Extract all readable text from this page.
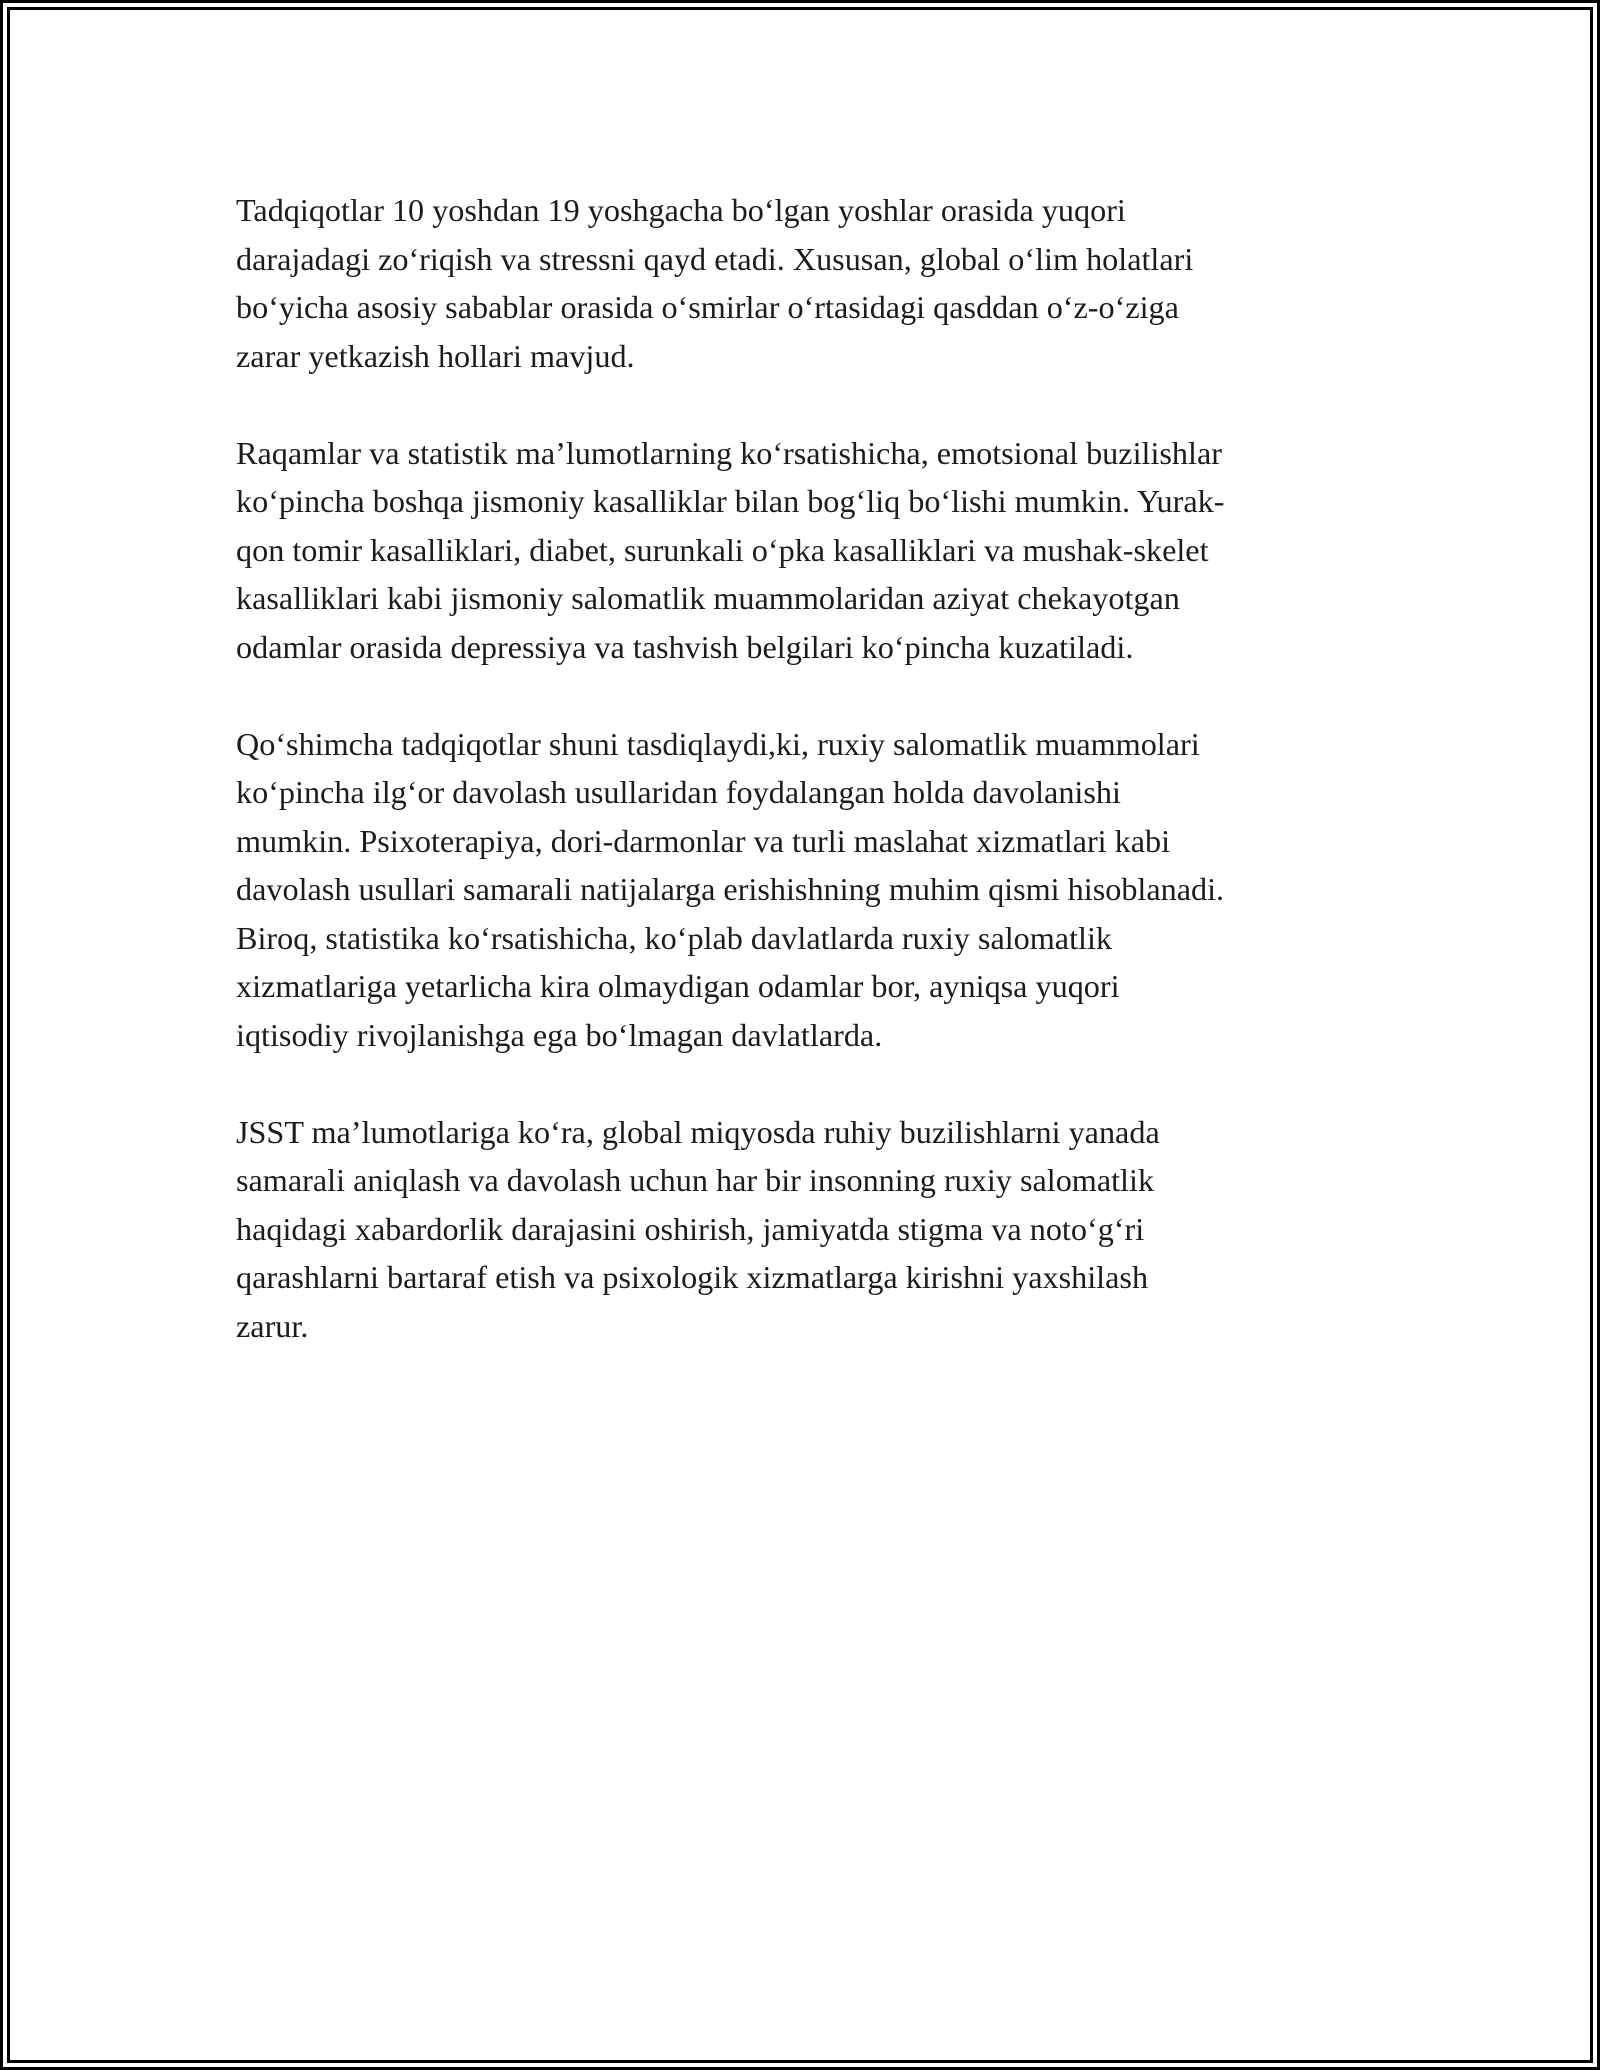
Tadqiqotlar 10 yoshdan 19 yoshgacha bo‘lgan yoshlar orasida yuqori
darajadagi zo‘riqish va stressni qayd etadi. Xususan, global o‘lim holatlari
bo‘yicha asosiy sabablar orasida o‘smirlar o‘rtasidagi qasddan o‘z-o‘ziga
zarar yetkazish hollari mavjud.

Raqamlar va statistik ma’lumotlarning ko‘rsatishicha, emotsional buzilishlar
ko‘pincha boshqa jismoniy kasalliklar bilan bog‘liq bo‘lishi mumkin. Yurak-
qon tomir kasalliklari, diabet, surunkali o‘pka kasalliklari va mushak-skelet
kasalliklari kabi jismoniy salomatlik muammolaridan aziyat chekayotgan
odamlar orasida depressiya va tashvish belgilari ko‘pincha kuzatiladi.

Qo‘shimcha tadqiqotlar shuni tasdiqlaydi,ki, ruxiy salomatlik muammolari
ko‘pincha ilg‘or davolash usullaridan foydalangan holda davolanishi
mumkin. Psixoterapiya, dori-darmonlar va turli maslahat xizmatlari kabi
davolash usullari samarali natijalarga erishishning muhim qismi hisoblanadi.
Biroq, statistika ko‘rsatishicha, ko‘plab davlatlarda ruxiy salomatlik
xizmatlariga yetarlicha kira olmaydigan odamlar bor, ayniqsa yuqori
iqtisodiy rivojlanishga ega bo‘lmagan davlatlarda.

JSST ma’lumotlariga ko‘ra, global miqyosda ruhiy buzilishlarni yanada
samarali aniqlash va davolash uchun har bir insonning ruxiy salomatlik
haqidagi xabardorlik darajasini oshirish, jamiyatda stigma va noto‘g‘ri
qarashlarni bartaraf etish va psixologik xizmatlarga kirishni yaxshilash
zarur.
